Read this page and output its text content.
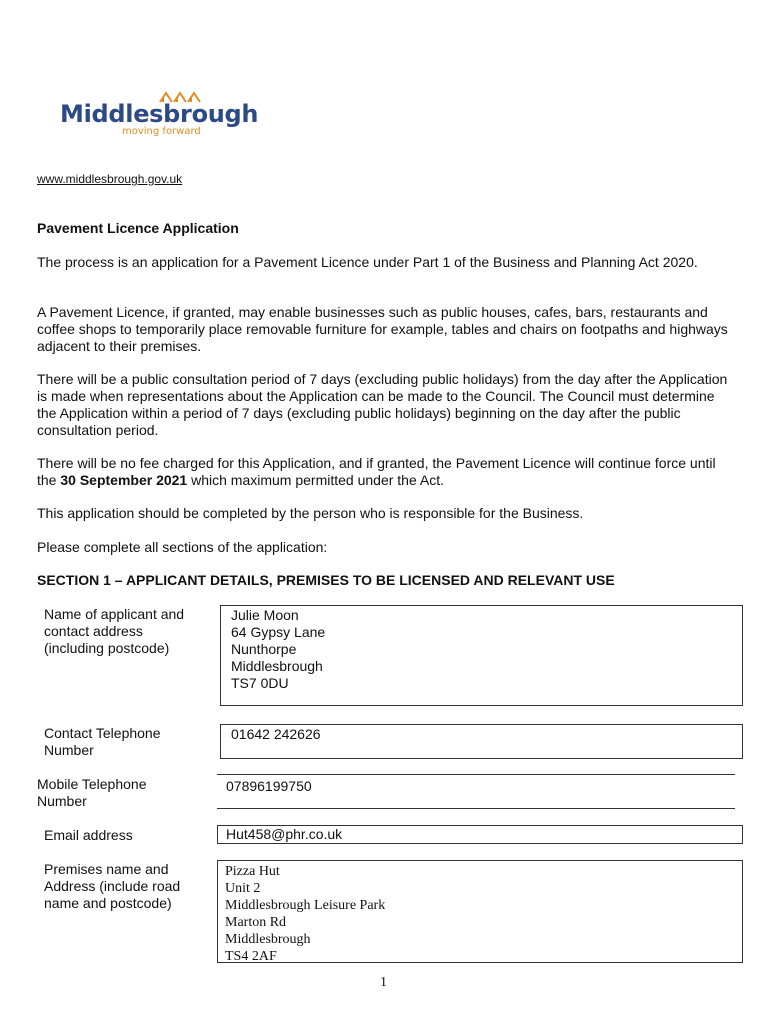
Middlesbrough
moving forward
www.middlesbrough.gov.uk
Pavement Licence Application
The process is an application for a Pavement Licence under Part 1 of the Business and Planning Act 2020.
A Pavement Licence, if granted, may enable businesses such as public houses, cafes, bars, restaurants and coffee shops to temporarily place removable furniture for example, tables and chairs on footpaths and highways adjacent to their premises.
There will be a public consultation period of 7 days (excluding public holidays) from the day after the Application is made when representations about the Application can be made to the Council. The Council must determine the Application within a period of 7 days (excluding public holidays) beginning on the day after the public consultation period.
There will be no fee charged for this Application, and if granted, the Pavement Licence will continue force until the 30 September 2021 which maximum permitted under the Act.
This application should be completed by the person who is responsible for the Business.
Please complete all sections of the application:
SECTION 1 – APPLICANT DETAILS, PREMISES TO BE LICENSED AND RELEVANT USE
Name of applicant and
contact address
(including postcode)
Julie Moon
64 Gypsy Lane
Nunthorpe
Middlesbrough
TS7 0DU
Contact Telephone
Number
01642 242626
Mobile Telephone
Number
07896199750
Email address	Hut458@phr.co.uk
Premises name and
Address (include road
name and postcode)
Pizza Hut
Unit 2
Middlesbrough Leisure Park
Marton Rd
Middlesbrough
TS4 2AF
1
